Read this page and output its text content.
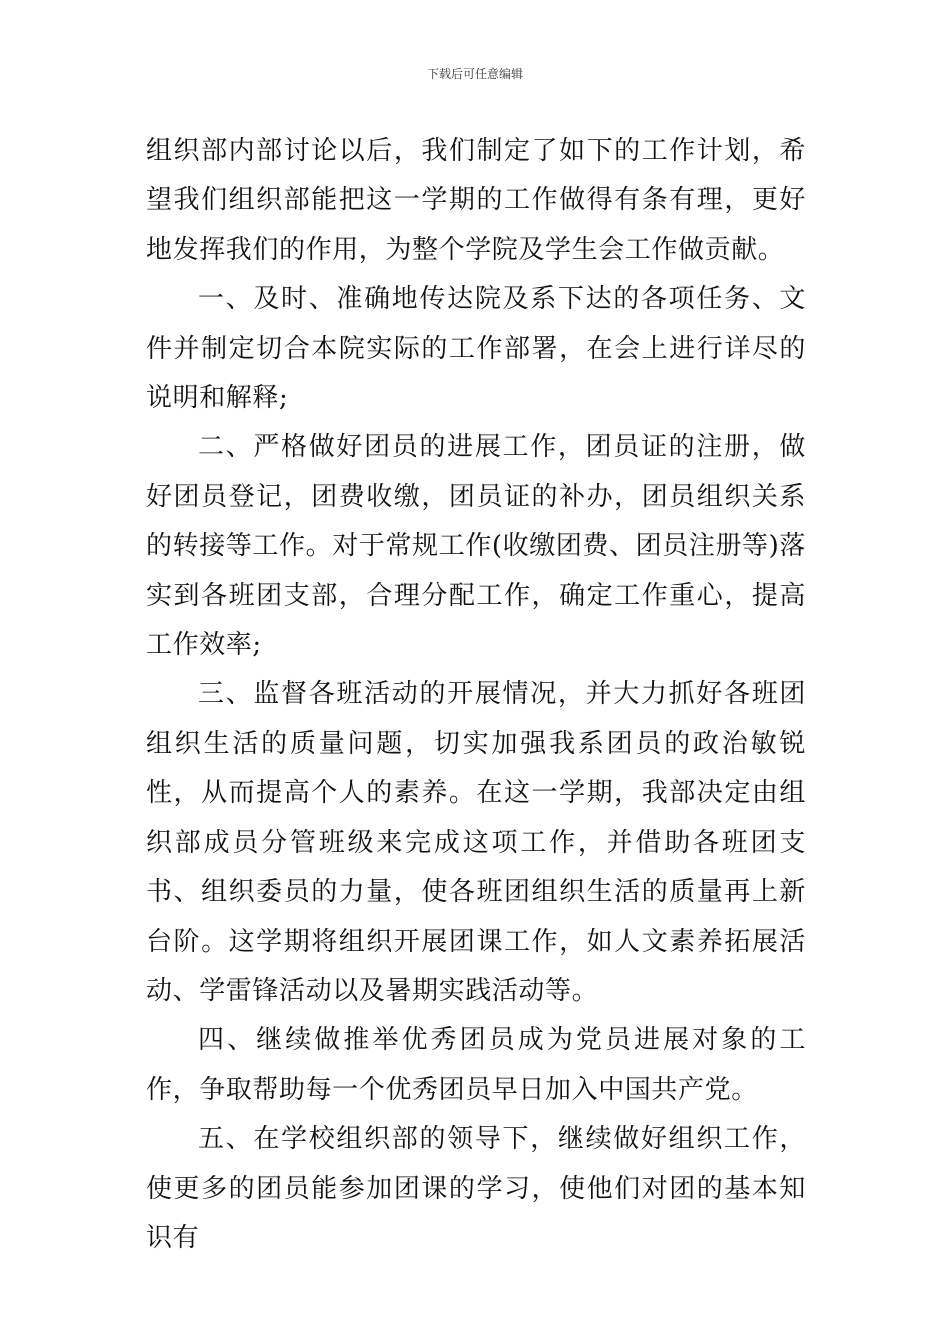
下载后可任意编辑

组织部内部讨论以后，我们制定了如下的工作计划，希望我们组织部能把这一学期的工作做得有条有理，更好地发挥我们的作用，为整个学院及学生会工作做贡献。

一、及时、准确地传达院及系下达的各项任务、文件并制定切合本院实际的工作部署，在会上进行详尽的说明和解释;

二、严格做好团员的进展工作，团员证的注册，做好团员登记，团费收缴，团员证的补办，团员组织关系的转接等工作。对于常规工作(收缴团费、团员注册等)落实到各班团支部，合理分配工作，确定工作重心，提高工作效率;

三、监督各班活动的开展情况，并大力抓好各班团组织生活的质量问题，切实加强我系团员的政治敏锐性，从而提高个人的素养。在这一学期，我部决定由组织部成员分管班级来完成这项工作，并借助各班团支书、组织委员的力量，使各班团组织生活的质量再上新台阶。这学期将组织开展团课工作，如人文素养拓展活动、学雷锋活动以及暑期实践活动等。

四、继续做推举优秀团员成为党员进展对象的工作，争取帮助每一个优秀团员早日加入中国共产党。

五、在学校组织部的领导下，继续做好组织工作，使更多的团员能参加团课的学习，使他们对团的基本知识有
